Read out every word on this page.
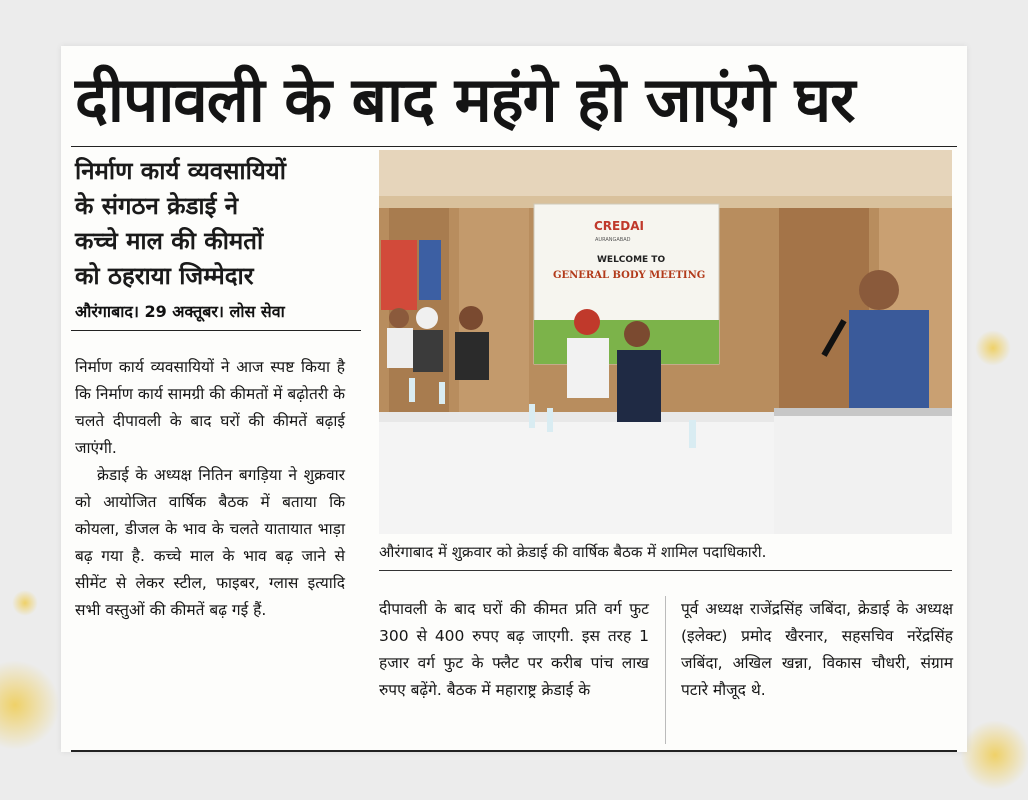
दीपावली के बाद महंगे हो जाएंगे घर
निर्माण कार्य व्यवसायियों
के संगठन क्रेडाई ने
कच्चे माल की कीमतों
को ठहराया जिम्मेदार
औरंगाबाद। 29 अक्तूबर। लोस सेवा

निर्माण कार्य व्यवसायियों ने आज स्पष्ट किया है कि निर्माण कार्य सामग्री की कीमतों में बढ़ोतरी के चलते दीपावली के बाद घरों की कीमतें बढ़ाई जाएंगी.

क्रेडाई के अध्यक्ष नितिन बगड़िया ने शुक्रवार को आयोजित वार्षिक बैठक में बताया कि कोयला, डीजल के भाव के चलते यातायात भाड़ा बढ़ गया है. कच्चे माल के भाव बढ़ जाने से सीमेंट से लेकर स्टील, फाइबर, ग्लास इत्यादि सभी वस्तुओं की कीमतें बढ़ गई हैं.

CREDAI
AURANGABAD
WELCOME TO
GENERAL BODY MEETING
औरंगाबाद में शुक्रवार को क्रेडाई की वार्षिक बैठक में शामिल पदाधिकारी.
दीपावली के बाद घरों की कीमत प्रति वर्ग फुट 300 से 400 रुपए बढ़ जाएगी. इस तरह 1 हजार वर्ग फुट के फ्लैट पर करीब पांच लाख रुपए बढ़ेंगे. बैठक में महाराष्ट्र क्रेडाई के
पूर्व अध्यक्ष राजेंद्रसिंह जबिंदा, क्रेडाई के अध्यक्ष (इलेक्ट) प्रमोद खैरनार, सहसचिव नरेंद्रसिंह जबिंदा, अखिल खन्ना, विकास चौधरी, संग्राम पटारे मौजूद थे.
